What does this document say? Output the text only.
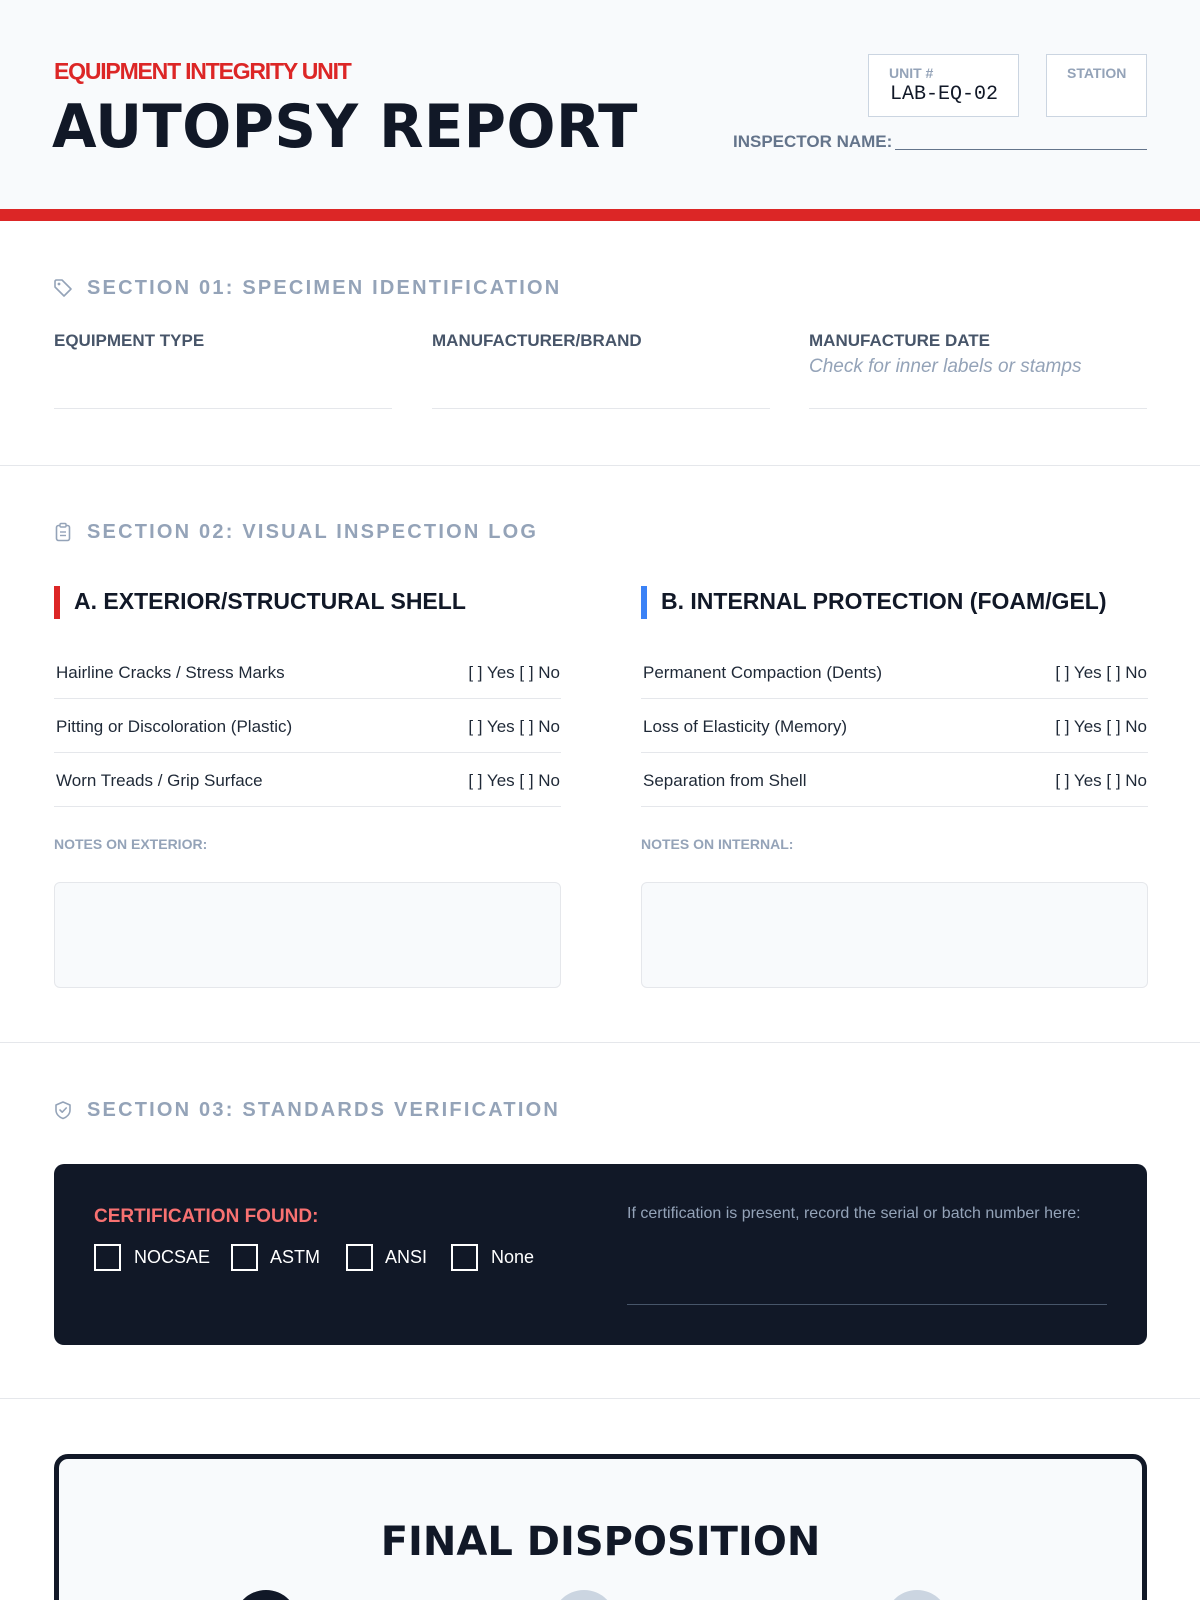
EQUIPMENT INTEGRITY UNIT
AUTOPSY REPORT
UNIT #
LAB-EQ-02
STATION
INSPECTOR NAME:
SECTION 01: SPECIMEN IDENTIFICATION
EQUIPMENT TYPE	MANUFACTURER/BRAND	MANUFACTURE DATE
Check for inner labels or stamps
SECTION 02: VISUAL INSPECTION LOG
A. EXTERIOR/STRUCTURAL SHELL
Hairline Cracks / Stress Marks	[ ] Yes [ ] No
Pitting or Discoloration (Plastic)	[ ] Yes [ ] No
Worn Treads / Grip Surface	[ ] Yes [ ] No
NOTES ON EXTERIOR:
B. INTERNAL PROTECTION (FOAM/GEL)
Permanent Compaction (Dents)	[ ] Yes [ ] No
Loss of Elasticity (Memory)	[ ] Yes [ ] No
Separation from Shell	[ ] Yes [ ] No
NOTES ON INTERNAL:
SECTION 03: STANDARDS VERIFICATION
CERTIFICATION FOUND:
NOCSAE	ASTM	ANSI	None
If certification is present, record the serial or batch number here:
FINAL DISPOSITION
